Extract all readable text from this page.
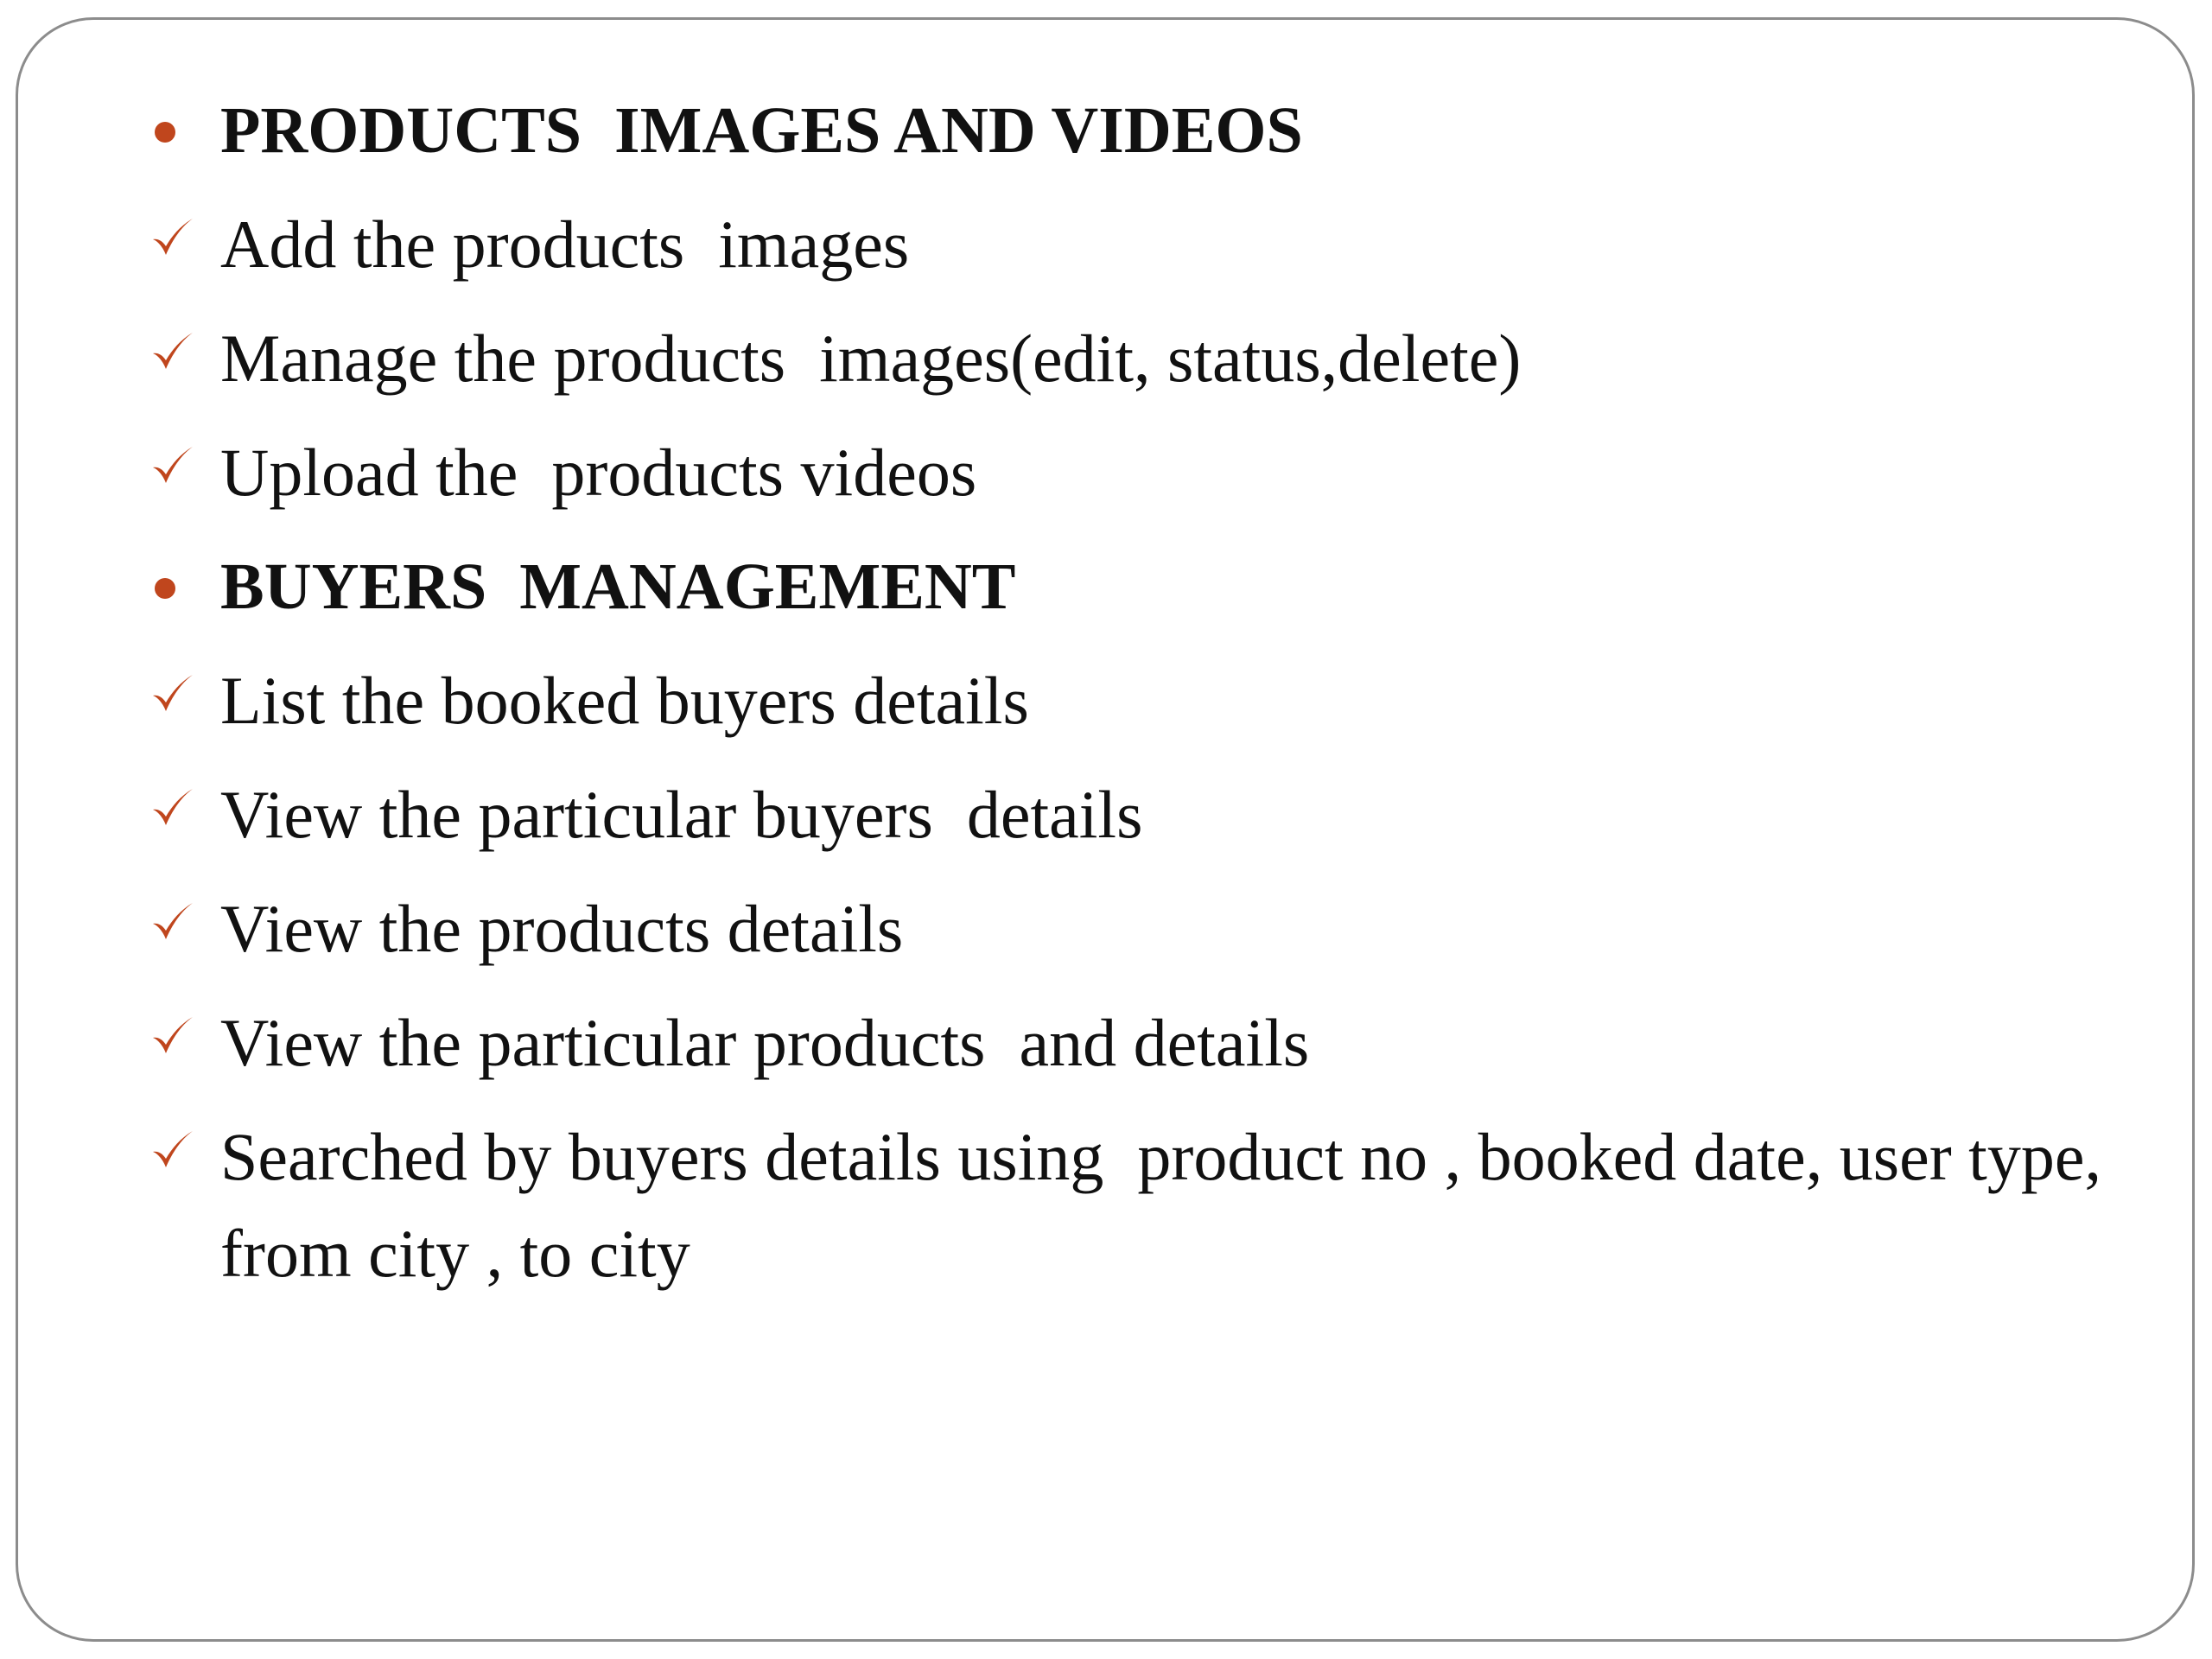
PRODUCTS  IMAGES AND VIDEOS
Add the products  images
Manage the products  images(edit, status,delete)
Upload the  products videos
BUYERS  MANAGEMENT
List the booked buyers details
View the particular buyers  details
View the products details
View the particular products  and details
Searched by buyers details using  product no , booked date, user type, from city , to city
